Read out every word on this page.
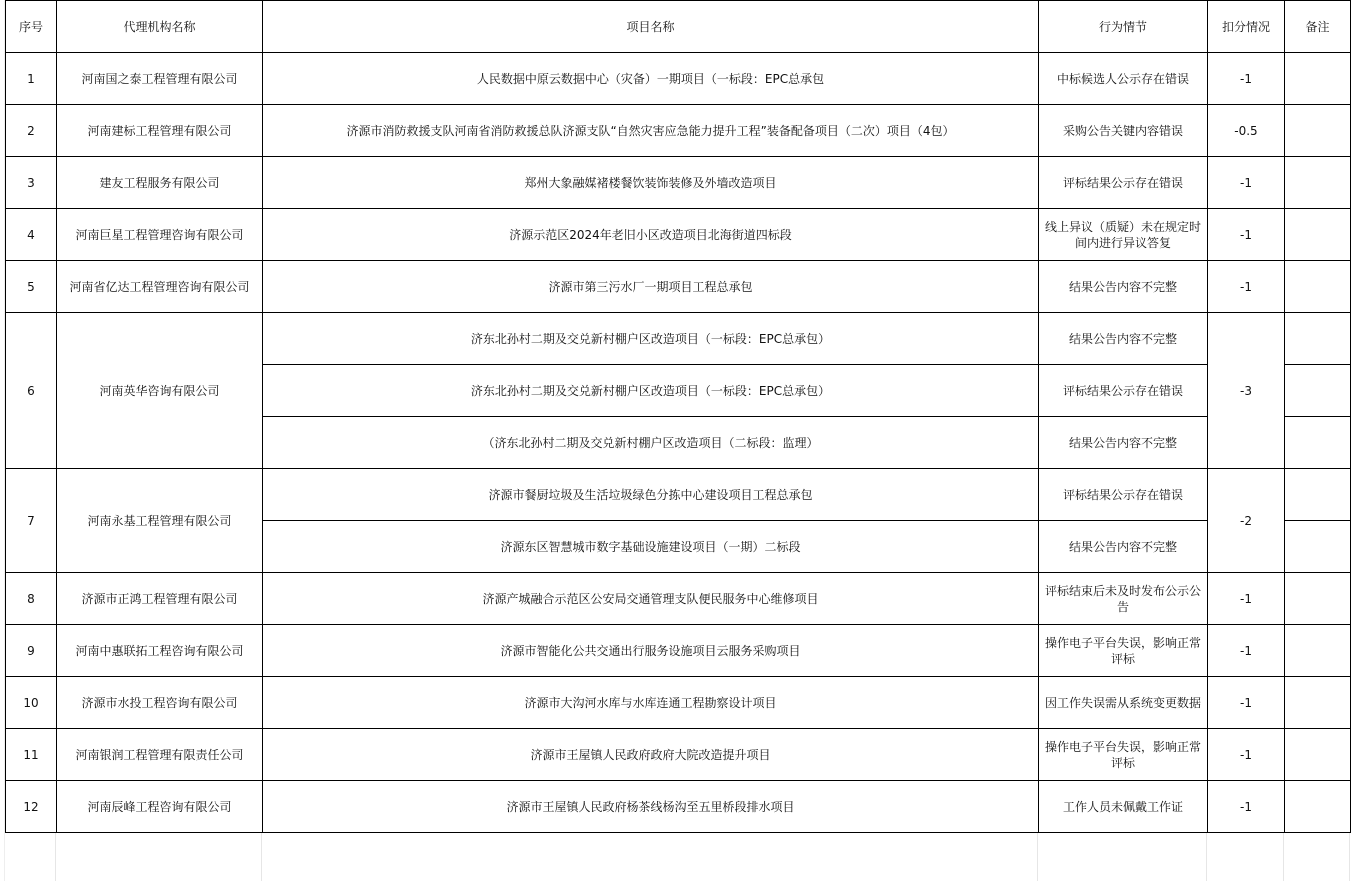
序号	代理机构名称	项目名称	行为情节	扣分情况	备注
1	河南国之泰工程管理有限公司	人民数据中原云数据中心（灾备）一期项目（一标段：EPC总承包	中标候选人公示存在错误	-1	
2	河南建标工程管理有限公司	济源市消防救援支队河南省消防救援总队济源支队“自然灾害应急能力提升工程”装备配备项目（二次）项目（4包）	采购公告关键内容错误	-0.5	
3	建友工程服务有限公司	郑州大象融媒褚楼餐饮装饰装修及外墙改造项目	评标结果公示存在错误	-1	
4	河南巨星工程管理咨询有限公司	济源示范区2024年老旧小区改造项目北海街道四标段	线上异议（质疑）未在规定时间内进行异议答复	-1	
5	河南省亿达工程管理咨询有限公司	济源市第三污水厂一期项目工程总承包	结果公告内容不完整	-1	
6	河南英华咨询有限公司	济东北孙村二期及交兑新村棚户区改造项目（一标段：EPC总承包）	结果公告内容不完整	-3	
		济东北孙村二期及交兑新村棚户区改造项目（一标段：EPC总承包）	评标结果公示存在错误		
		（济东北孙村二期及交兑新村棚户区改造项目（二标段：监理）	结果公告内容不完整		
7	河南永基工程管理有限公司	济源市餐厨垃圾及生活垃圾绿色分拣中心建设项目工程总承包	评标结果公示存在错误	-2	
		济源东区智慧城市数字基础设施建设项目（一期）二标段	结果公告内容不完整		
8	济源市正鸿工程管理有限公司	济源产城融合示范区公安局交通管理支队便民服务中心维修项目	评标结束后未及时发布公示公告	-1	
9	河南中惠联拓工程咨询有限公司	济源市智能化公共交通出行服务设施项目云服务采购项目	操作电子平台失误，影响正常评标	-1	
10	济源市水投工程咨询有限公司	济源市大沟河水库与水库连通工程勘察设计项目	因工作失误需从系统变更数据	-1	
11	河南银润工程管理有限责任公司	济源市王屋镇人民政府政府大院改造提升项目	操作电子平台失误，影响正常评标	-1	
12	河南辰峰工程咨询有限公司	济源市王屋镇人民政府杨茶线杨沟至五里桥段排水项目	工作人员未佩戴工作证	-1	
